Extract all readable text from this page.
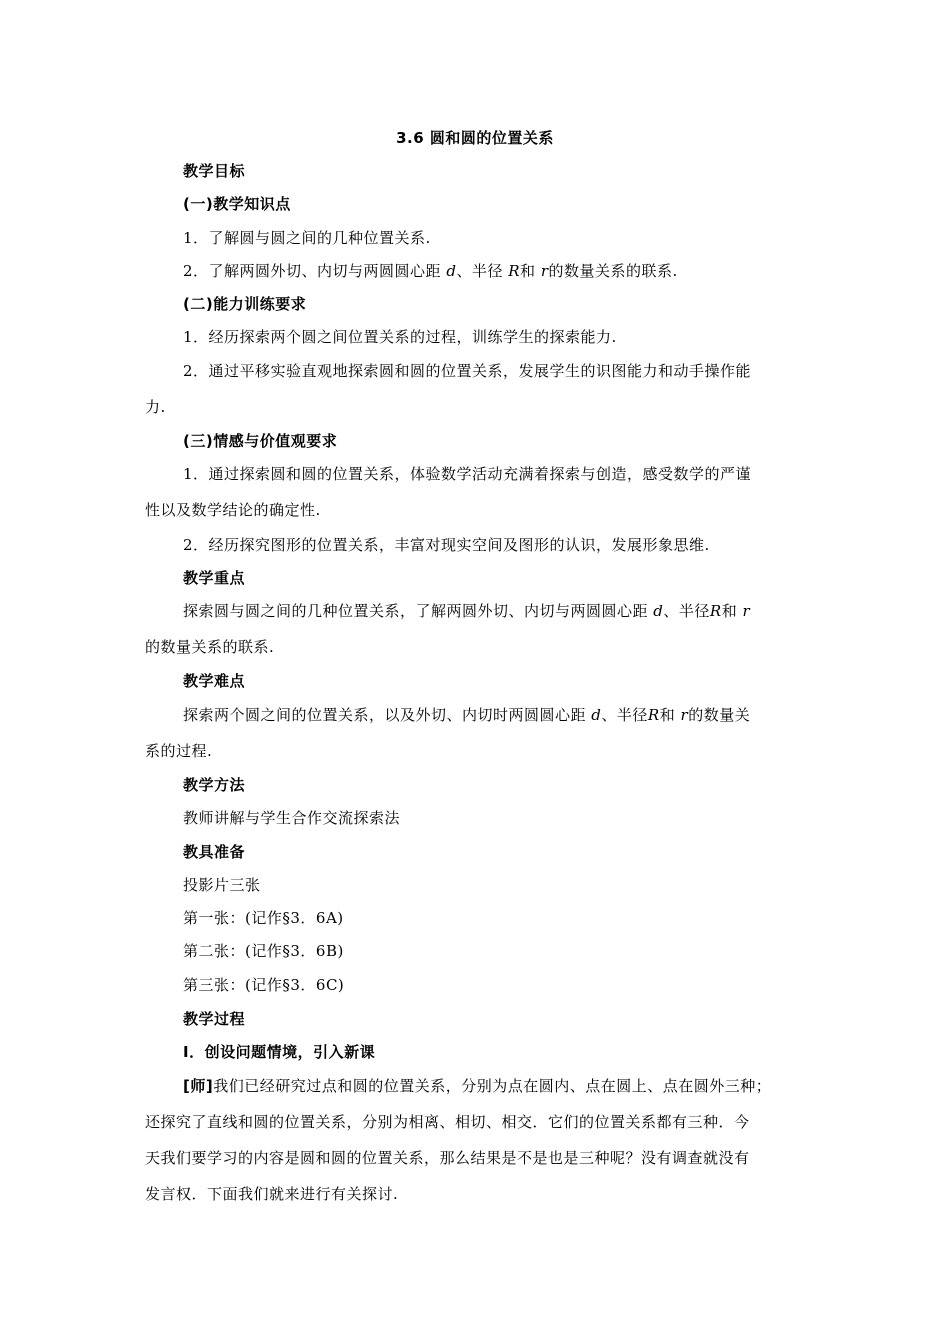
3.6 圆和圆的位置关系
教学目标
(一)教学知识点
1．了解圆与圆之间的几种位置关系.
2．了解两圆外切、内切与两圆圆心距 d、半径 R和 r的数量关系的联系.
(二)能力训练要求
1．经历探索两个圆之间位置关系的过程，训练学生的探索能力.
2．通过平移实验直观地探索圆和圆的位置关系，发展学生的识图能力和动手操作能
力.
(三)情感与价值观要求
1．通过探索圆和圆的位置关系，体验数学活动充满着探索与创造，感受数学的严谨
性以及数学结论的确定性.
2．经历探究图形的位置关系，丰富对现实空间及图形的认识，发展形象思维.
教学重点
探索圆与圆之间的几种位置关系，了解两圆外切、内切与两圆圆心距 d、半径R和 r
的数量关系的联系.
教学难点
探索两个圆之间的位置关系，以及外切、内切时两圆圆心距 d、半径R和 r的数量关
系的过程.
教学方法
教师讲解与学生合作交流探索法
教具准备
投影片三张
第一张：(记作§3．6A)
第二张：(记作§3．6B)
第三张：(记作§3．6C)
教学过程
Ⅰ．创设问题情境，引入新课
[师]我们已经研究过点和圆的位置关系，分别为点在圆内、点在圆上、点在圆外三种；
还探究了直线和圆的位置关系，分别为相离、相切、相交．它们的位置关系都有三种．今
天我们要学习的内容是圆和圆的位置关系，那么结果是不是也是三种呢？没有调查就没有
发言权．下面我们就来进行有关探讨.
